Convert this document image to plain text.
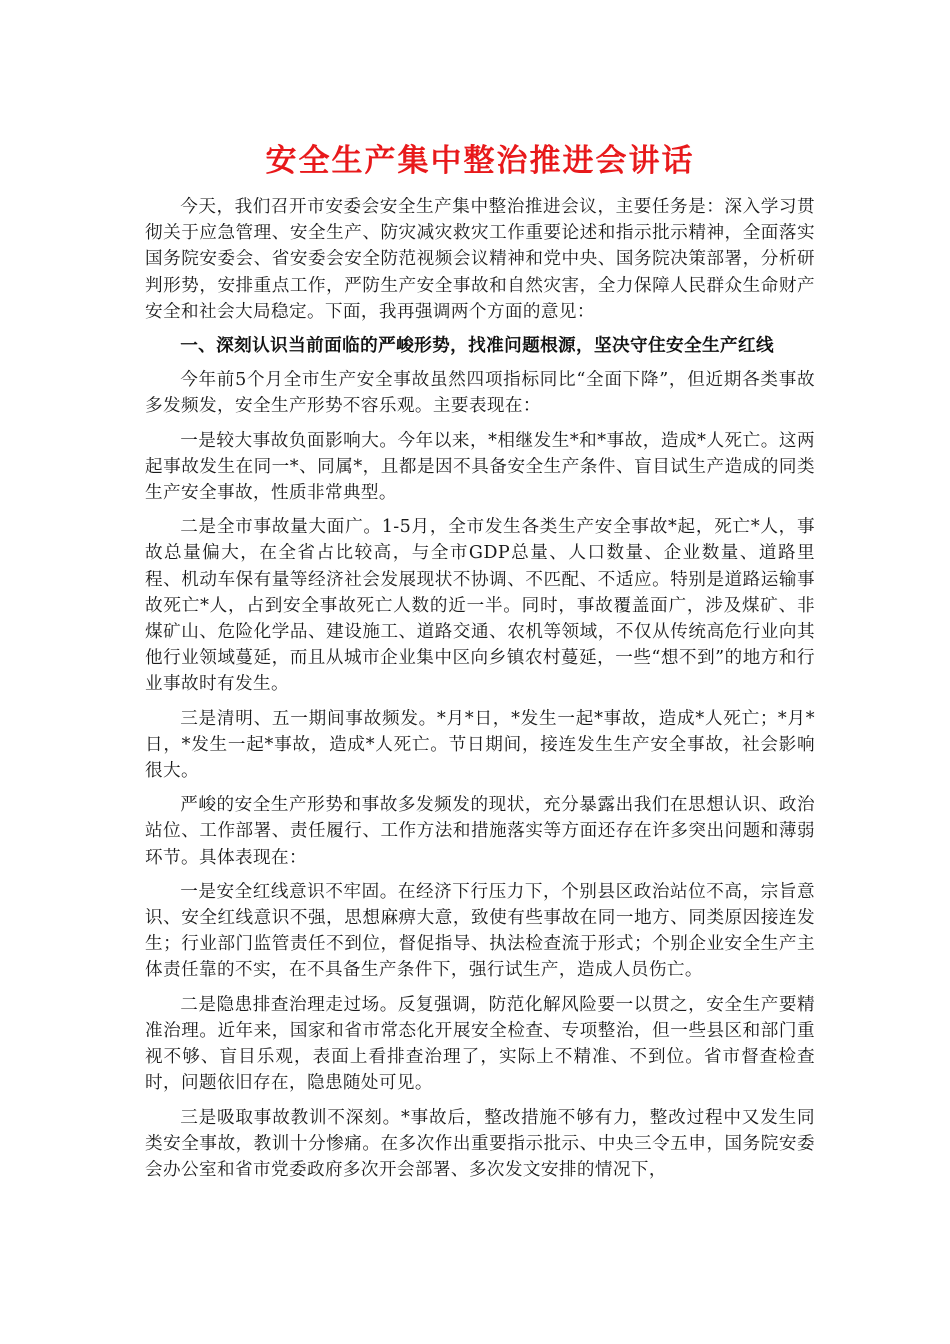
安全生产集中整治推进会讲话

今天，我们召开市安委会安全生产集中整治推进会议，主要任务是：深入学习贯彻关于应急管理、安全生产、防灾减灾救灾工作重要论述和指示批示精神，全面落实国务院安委会、省安委会安全防范视频会议精神和党中央、国务院决策部署，分析研判形势，安排重点工作，严防生产安全事故和自然灾害，全力保障人民群众生命财产安全和社会大局稳定。下面，我再强调两个方面的意见：

一、深刻认识当前面临的严峻形势，找准问题根源，坚决守住安全生产红线

今年前5个月全市生产安全事故虽然四项指标同比“全面下降”，但近期各类事故多发频发，安全生产形势不容乐观。主要表现在：

一是较大事故负面影响大。今年以来，*相继发生*和*事故，造成*人死亡。这两起事故发生在同一*、同属*，且都是因不具备安全生产条件、盲目试生产造成的同类生产安全事故，性质非常典型。

二是全市事故量大面广。1-5月，全市发生各类生产安全事故*起，死亡*人，事故总量偏大，在全省占比较高，与全市GDP总量、人口数量、企业数量、道路里程、机动车保有量等经济社会发展现状不协调、不匹配、不适应。特别是道路运输事故死亡*人，占到安全事故死亡人数的近一半。同时，事故覆盖面广，涉及煤矿、非煤矿山、危险化学品、建设施工、道路交通、农机等领域，不仅从传统高危行业向其他行业领域蔓延，而且从城市企业集中区向乡镇农村蔓延，一些“想不到”的地方和行业事故时有发生。

三是清明、五一期间事故频发。*月*日，*发生一起*事故，造成*人死亡；*月*日，*发生一起*事故，造成*人死亡。节日期间，接连发生生产安全事故，社会影响很大。

严峻的安全生产形势和事故多发频发的现状，充分暴露出我们在思想认识、政治站位、工作部署、责任履行、工作方法和措施落实等方面还存在许多突出问题和薄弱环节。具体表现在：

一是安全红线意识不牢固。在经济下行压力下，个别县区政治站位不高，宗旨意识、安全红线意识不强，思想麻痹大意，致使有些事故在同一地方、同类原因接连发生；行业部门监管责任不到位，督促指导、执法检查流于形式；个别企业安全生产主体责任靠的不实，在不具备生产条件下，强行试生产，造成人员伤亡。

二是隐患排查治理走过场。反复强调，防范化解风险要一以贯之，安全生产要精准治理。近年来，国家和省市常态化开展安全检查、专项整治，但一些县区和部门重视不够、盲目乐观，表面上看排查治理了，实际上不精准、不到位。省市督查检查时，问题依旧存在，隐患随处可见。

三是吸取事故教训不深刻。*事故后，整改措施不够有力，整改过程中又发生同类安全事故，教训十分惨痛。在多次作出重要指示批示、中央三令五申，国务院安委会办公室和省市党委政府多次开会部署、多次发文安排的情况下，
